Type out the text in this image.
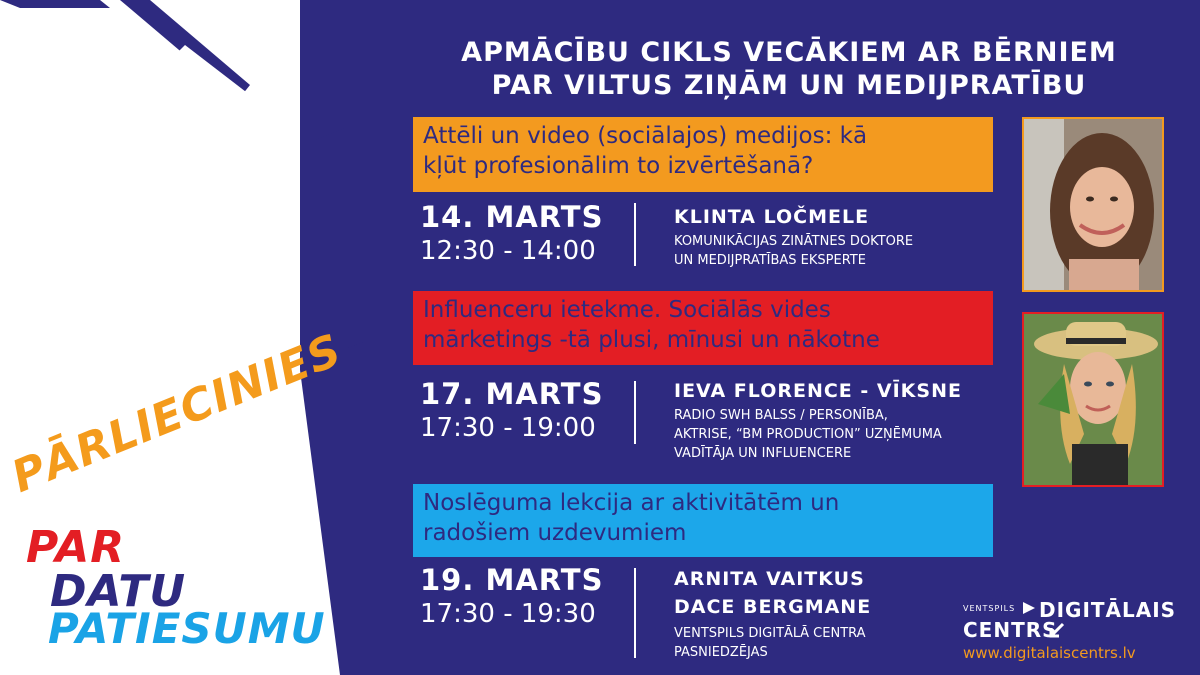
PĀRLIECINIES
PAR
DATU
PATIESUMU
APMĀCĪBU CIKLS VECĀKIEM AR BĒRNIEM
PAR VILTUS ZIŅĀM UN MEDIJPRATĪBU
Attēli un video (sociālajos) medijos: kā
kļūt profesionālim to izvērtēšanā?
14. MARTS
12:30 - 14:00
KLINTA LOČMELE
KOMUNIKĀCIJAS ZINĀTNES DOKTORE
UN MEDIJPRATĪBAS EKSPERTE
Influenceru ietekme. Sociālās vides
mārketings -tā plusi, mīnusi un nākotne
17. MARTS
17:30 - 19:00
IEVA FLORENCE - VĪKSNE
RADIO SWH BALSS / PERSONĪBA,
AKTRISE, “BM PRODUCTION” UZŅĒMUMA
VADĪTĀJA UN INFLUENCERE
Noslēguma lekcija ar aktivitātēm un
radošiem uzdevumiem
19. MARTS
17:30 - 19:30
ARNITA VAITKUS
DACE BERGMANE
VENTSPILS DIGITĀLĀ CENTRA
PASNIEDZĒJAS
VENTSPILS DIGITĀLAIS
CENTRS
www.digitalaiscentrs.lv
